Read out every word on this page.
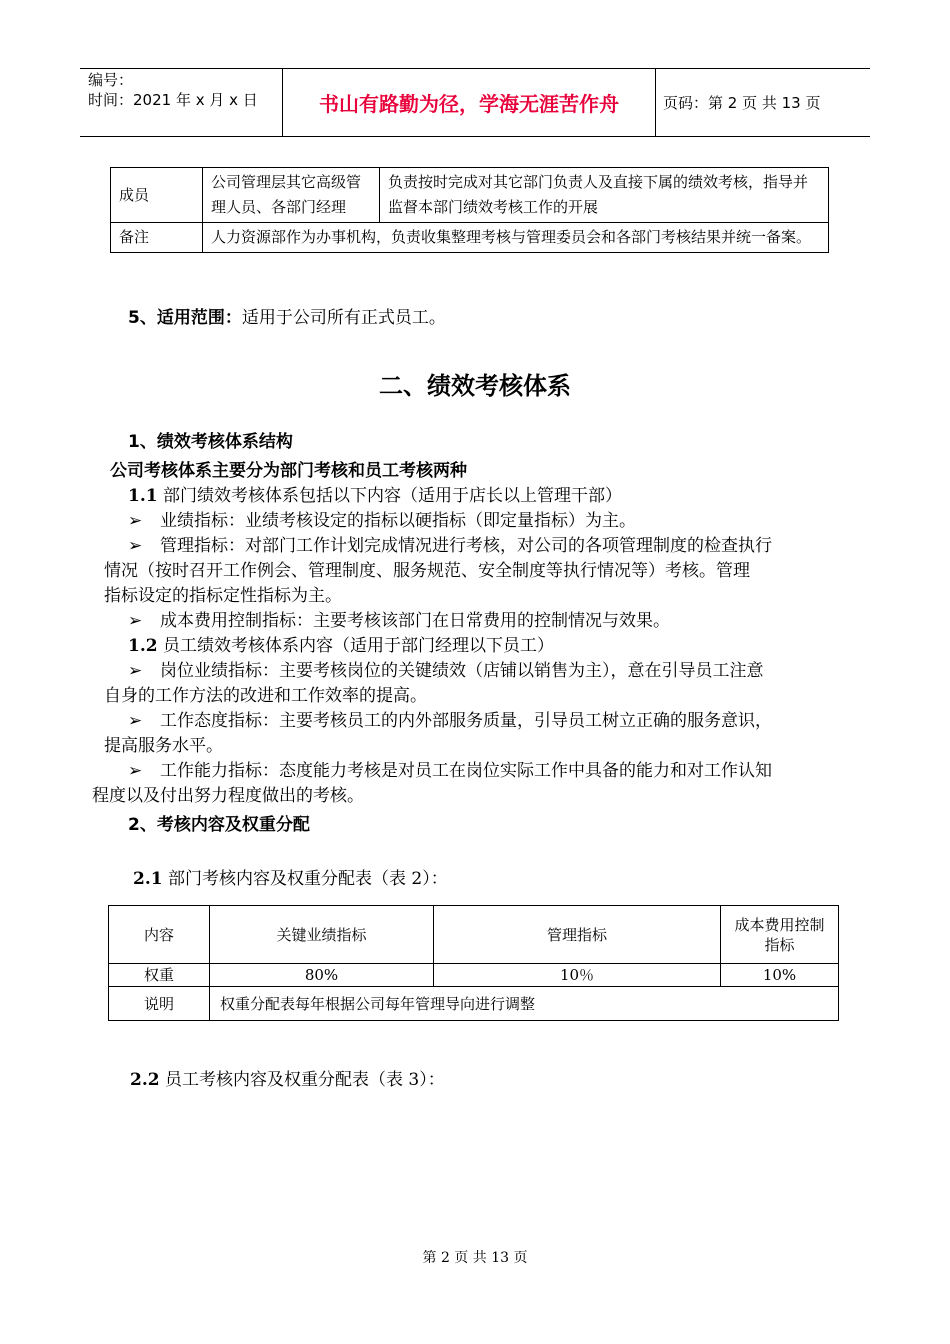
编号：
时间：2021 年 x 月 x 日	书山有路勤为径，学海无涯苦作舟	页码：第 2 页 共 13 页
成员	公司管理层其它高级管理人员、各部门经理	负责按时完成对其它部门负责人及直接下属的绩效考核，指导并监督本部门绩效考核工作的开展
备注	人力资源部作为办事机构，负责收集整理考核与管理委员会和各部门考核结果并统一备案。	
5、适用范围：适用于公司所有正式员工。
二、绩效考核体系
1、绩效考核体系结构
公司考核体系主要分为部门考核和员工考核两种
1.1 部门绩效考核体系包括以下内容（适用于店长以上管理干部）
➢ 业绩指标：业绩考核设定的指标以硬指标（即定量指标）为主。
➢ 管理指标：对部门工作计划完成情况进行考核，对公司的各项管理制度的检查执行
情况（按时召开工作例会、管理制度、服务规范、安全制度等执行情况等）考核。管理
指标设定的指标定性指标为主。
➢ 成本费用控制指标：主要考核该部门在日常费用的控制情况与效果。
1.2 员工绩效考核体系内容（适用于部门经理以下员工）
➢ 岗位业绩指标：主要考核岗位的关键绩效（店铺以销售为主），意在引导员工注意
自身的工作方法的改进和工作效率的提高。
➢ 工作态度指标：主要考核员工的内外部服务质量，引导员工树立正确的服务意识，
提高服务水平。
➢ 工作能力指标：态度能力考核是对员工在岗位实际工作中具备的能力和对工作认知
程度以及付出努力程度做出的考核。
2、考核内容及权重分配
2.1 部门考核内容及权重分配表（表 2）：
内容	关键业绩指标	管理指标	成本费用控制指标
权重	80%	10％	10%
说明	权重分配表每年根据公司每年管理导向进行调整		
2.2 员工考核内容及权重分配表（表 3）：
第 2 页 共 13 页
